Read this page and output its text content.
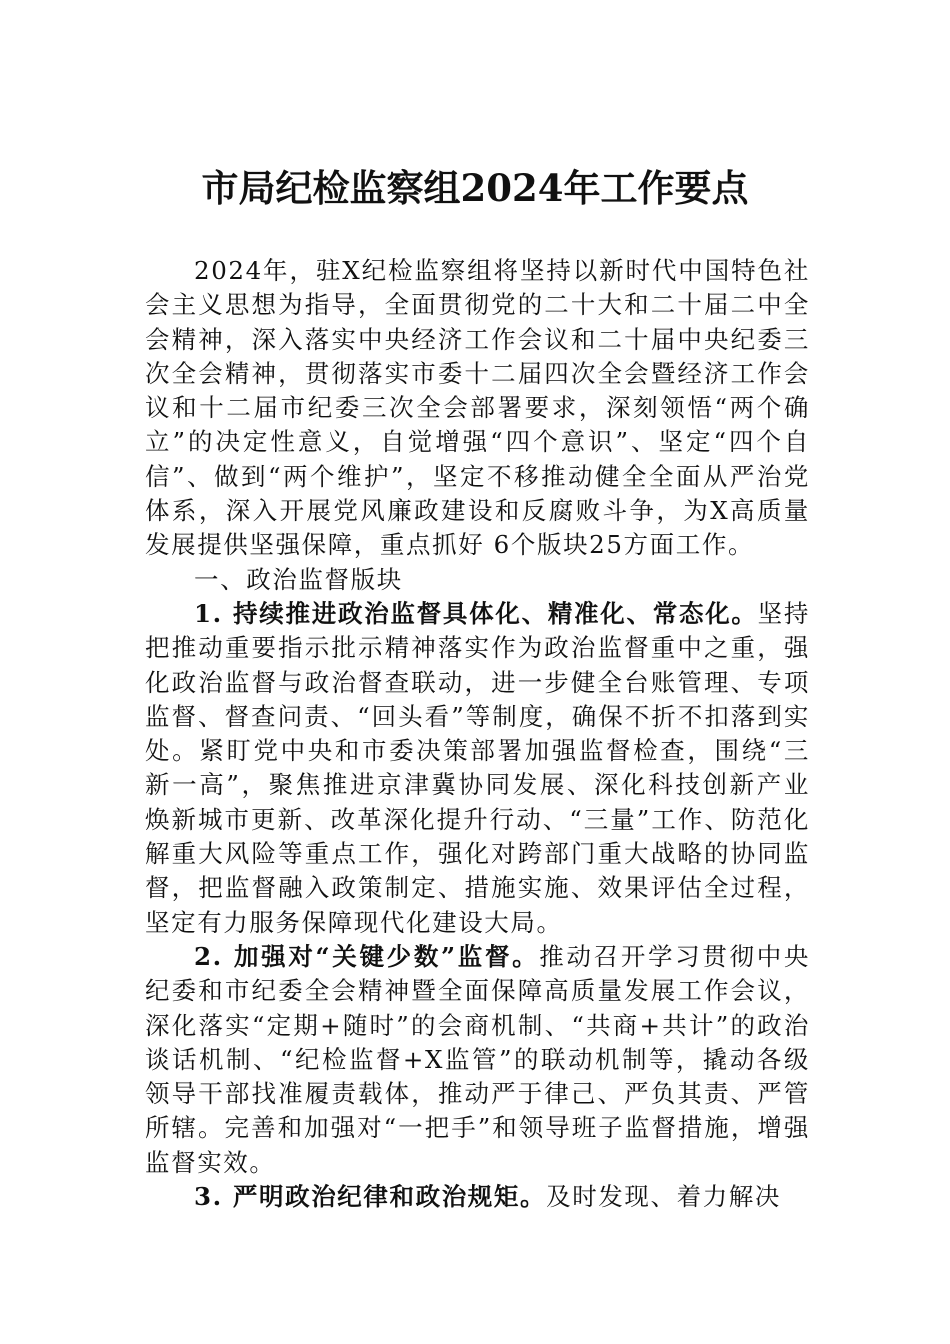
市局纪检监察组2024年工作要点

2024年，驻X纪检监察组将坚持以新时代中国特色社会主义思想为指导，全面贯彻党的二十大和二十届二中全会精神，深入落实中央经济工作会议和二十届中央纪委三次全会精神，贯彻落实市委十二届四次全会暨经济工作会议和十二届市纪委三次全会部署要求，深刻领悟“两个确立”的决定性意义，自觉增强“四个意识”、坚定“四个自信”、做到“两个维护”，坚定不移推动健全全面从严治党体系，深入开展党风廉政建设和反腐败斗争，为X高质量发展提供坚强保障，重点抓好 6个版块25方面工作。

一、政治监督版块

1. 持续推进政治监督具体化、精准化、常态化。坚持把推动重要指示批示精神落实作为政治监督重中之重，强化政治监督与政治督查联动，进一步健全台账管理、专项监督、督查问责、“回头看”等制度，确保不折不扣落到实处。紧盯党中央和市委决策部署加强监督检查，围绕“三新一高”，聚焦推进京津冀协同发展、深化科技创新产业焕新城市更新、改革深化提升行动、“三量”工作、防范化解重大风险等重点工作，强化对跨部门重大战略的协同监督，把监督融入政策制定、措施实施、效果评估全过程，坚定有力服务保障现代化建设大局。

2. 加强对“关键少数”监督。推动召开学习贯彻中央纪委和市纪委全会精神暨全面保障高质量发展工作会议，深化落实“定期+随时”的会商机制、“共商+共计”的政治谈话机制、“纪检监督+X监管”的联动机制等，撬动各级领导干部找准履责载体，推动严于律己、严负其责、严管所辖。完善和加强对“一把手”和领导班子监督措施，增强监督实效。

3. 严明政治纪律和政治规矩。及时发现、着力解决
